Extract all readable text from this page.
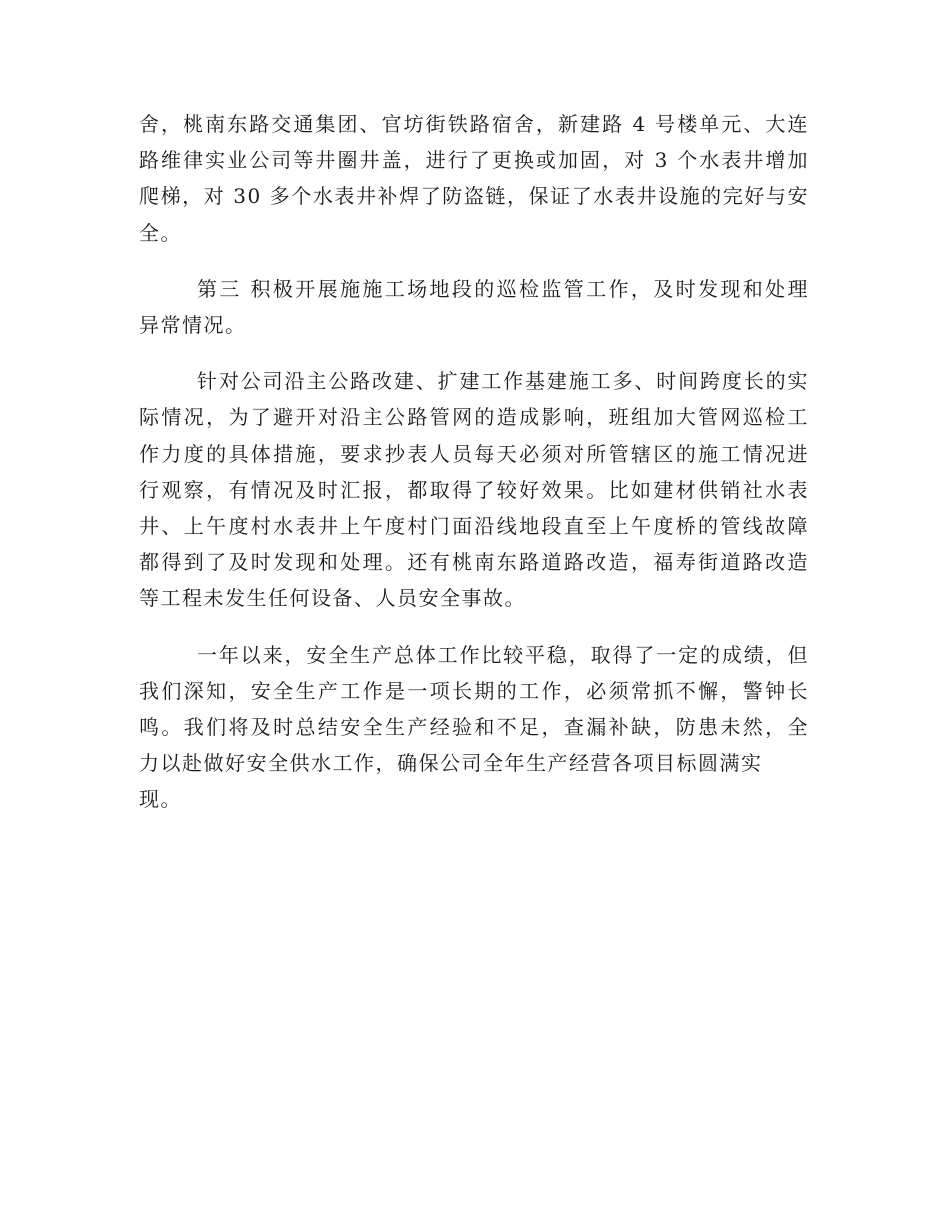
舍，桃南东路交通集团、官坊街铁路宿舍，新建路 4 号楼单元、大连
路维律实业公司等井圈井盖，进行了更换或加固，对 3 个水表井增加
爬梯，对 30 多个水表井补焊了防盗链，保证了水表井设施的完好与安
全。

第三 积极开展施施工场地段的巡检监管工作，及时发现和处理
异常情况。

针对公司沿主公路改建、扩建工作基建施工多、时间跨度长的实
际情况，为了避开对沿主公路管网的造成影响，班组加大管网巡检工
作力度的具体措施，要求抄表人员每天必须对所管辖区的施工情况进
行观察，有情况及时汇报，都取得了较好效果。比如建材供销社水表
井、上午度村水表井上午度村门面沿线地段直至上午度桥的管线故障
都得到了及时发现和处理。还有桃南东路道路改造，福寿街道路改造
等工程未发生任何设备、人员安全事故。

一年以来，安全生产总体工作比较平稳，取得了一定的成绩，但
我们深知，安全生产工作是一项长期的工作，必须常抓不懈，警钟长
鸣。我们将及时总结安全生产经验和不足，查漏补缺，防患未然，全
力以赴做好安全供水工作，确保公司全年生产经营各项目标圆满实
现。
